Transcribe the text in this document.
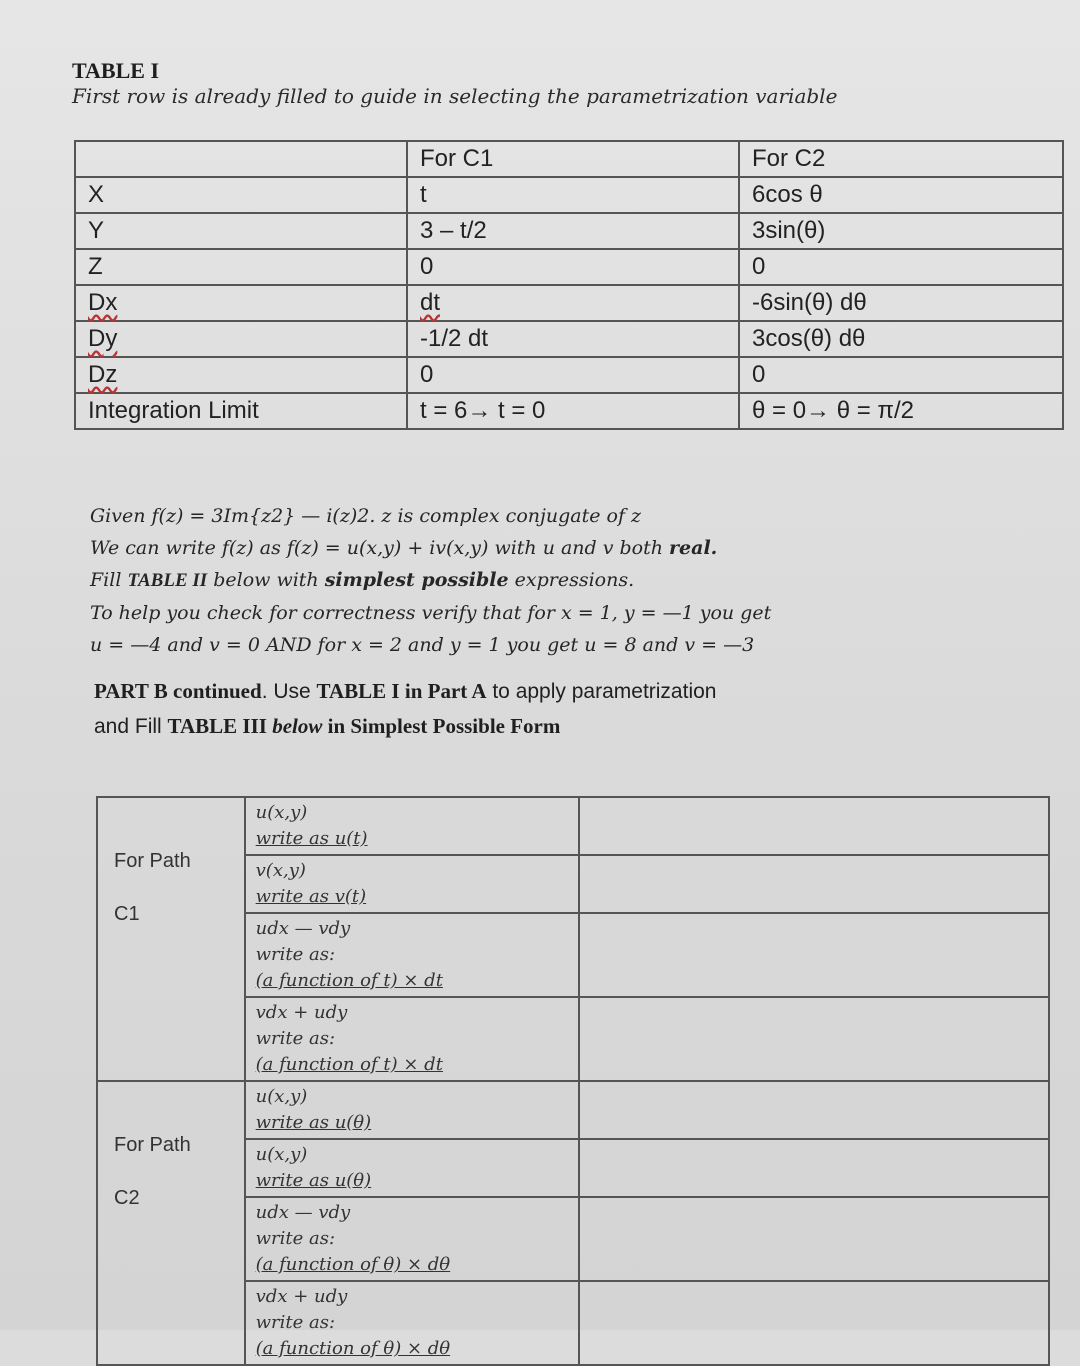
TABLE I
First row is already filled to guide in selecting the parametrization variable
	For C1	For C2
X	t	6cos θ
Y	3 – t/2	3sin(θ)
Z	0	0
Dx	dt	-6sin(θ) dθ
Dy	-1/2 dt	3cos(θ) dθ
Dz	0	0
Integration Limit	t = 6→ t = 0	θ = 0→ θ = π/2

Given f(z) = 3Im{z2} — i(z)2. z is complex conjugate of z

We can write f(z) as f(z) = u(x,y) + iv(x,y) with u and v both real.

Fill TABLE II below with simplest possible expressions.

To help you check for correctness verify that for x = 1, y = —1 you get

u = —4 and v = 0 AND for x = 2 and y = 1 you get u = 8 and v = —3

PART B continued. Use TABLE I in Part A to apply parametrization

and Fill TABLE III below in Simplest Possible Form

For Path
C1	u(x,y)
write as u(t)	

	v(x,y)
write as v(t)	

	udx — vdy
write as:
(a function of t) × dt	

	vdx + udy
write as:
(a function of t) × dt	

For Path
C2	u(x,y)
write as u(θ)	

	u(x,y)
write as u(θ)	

	udx — vdy
write as:
(a function of θ) × dθ	

	vdx + udy
write as:
(a function of θ) × dθ	
